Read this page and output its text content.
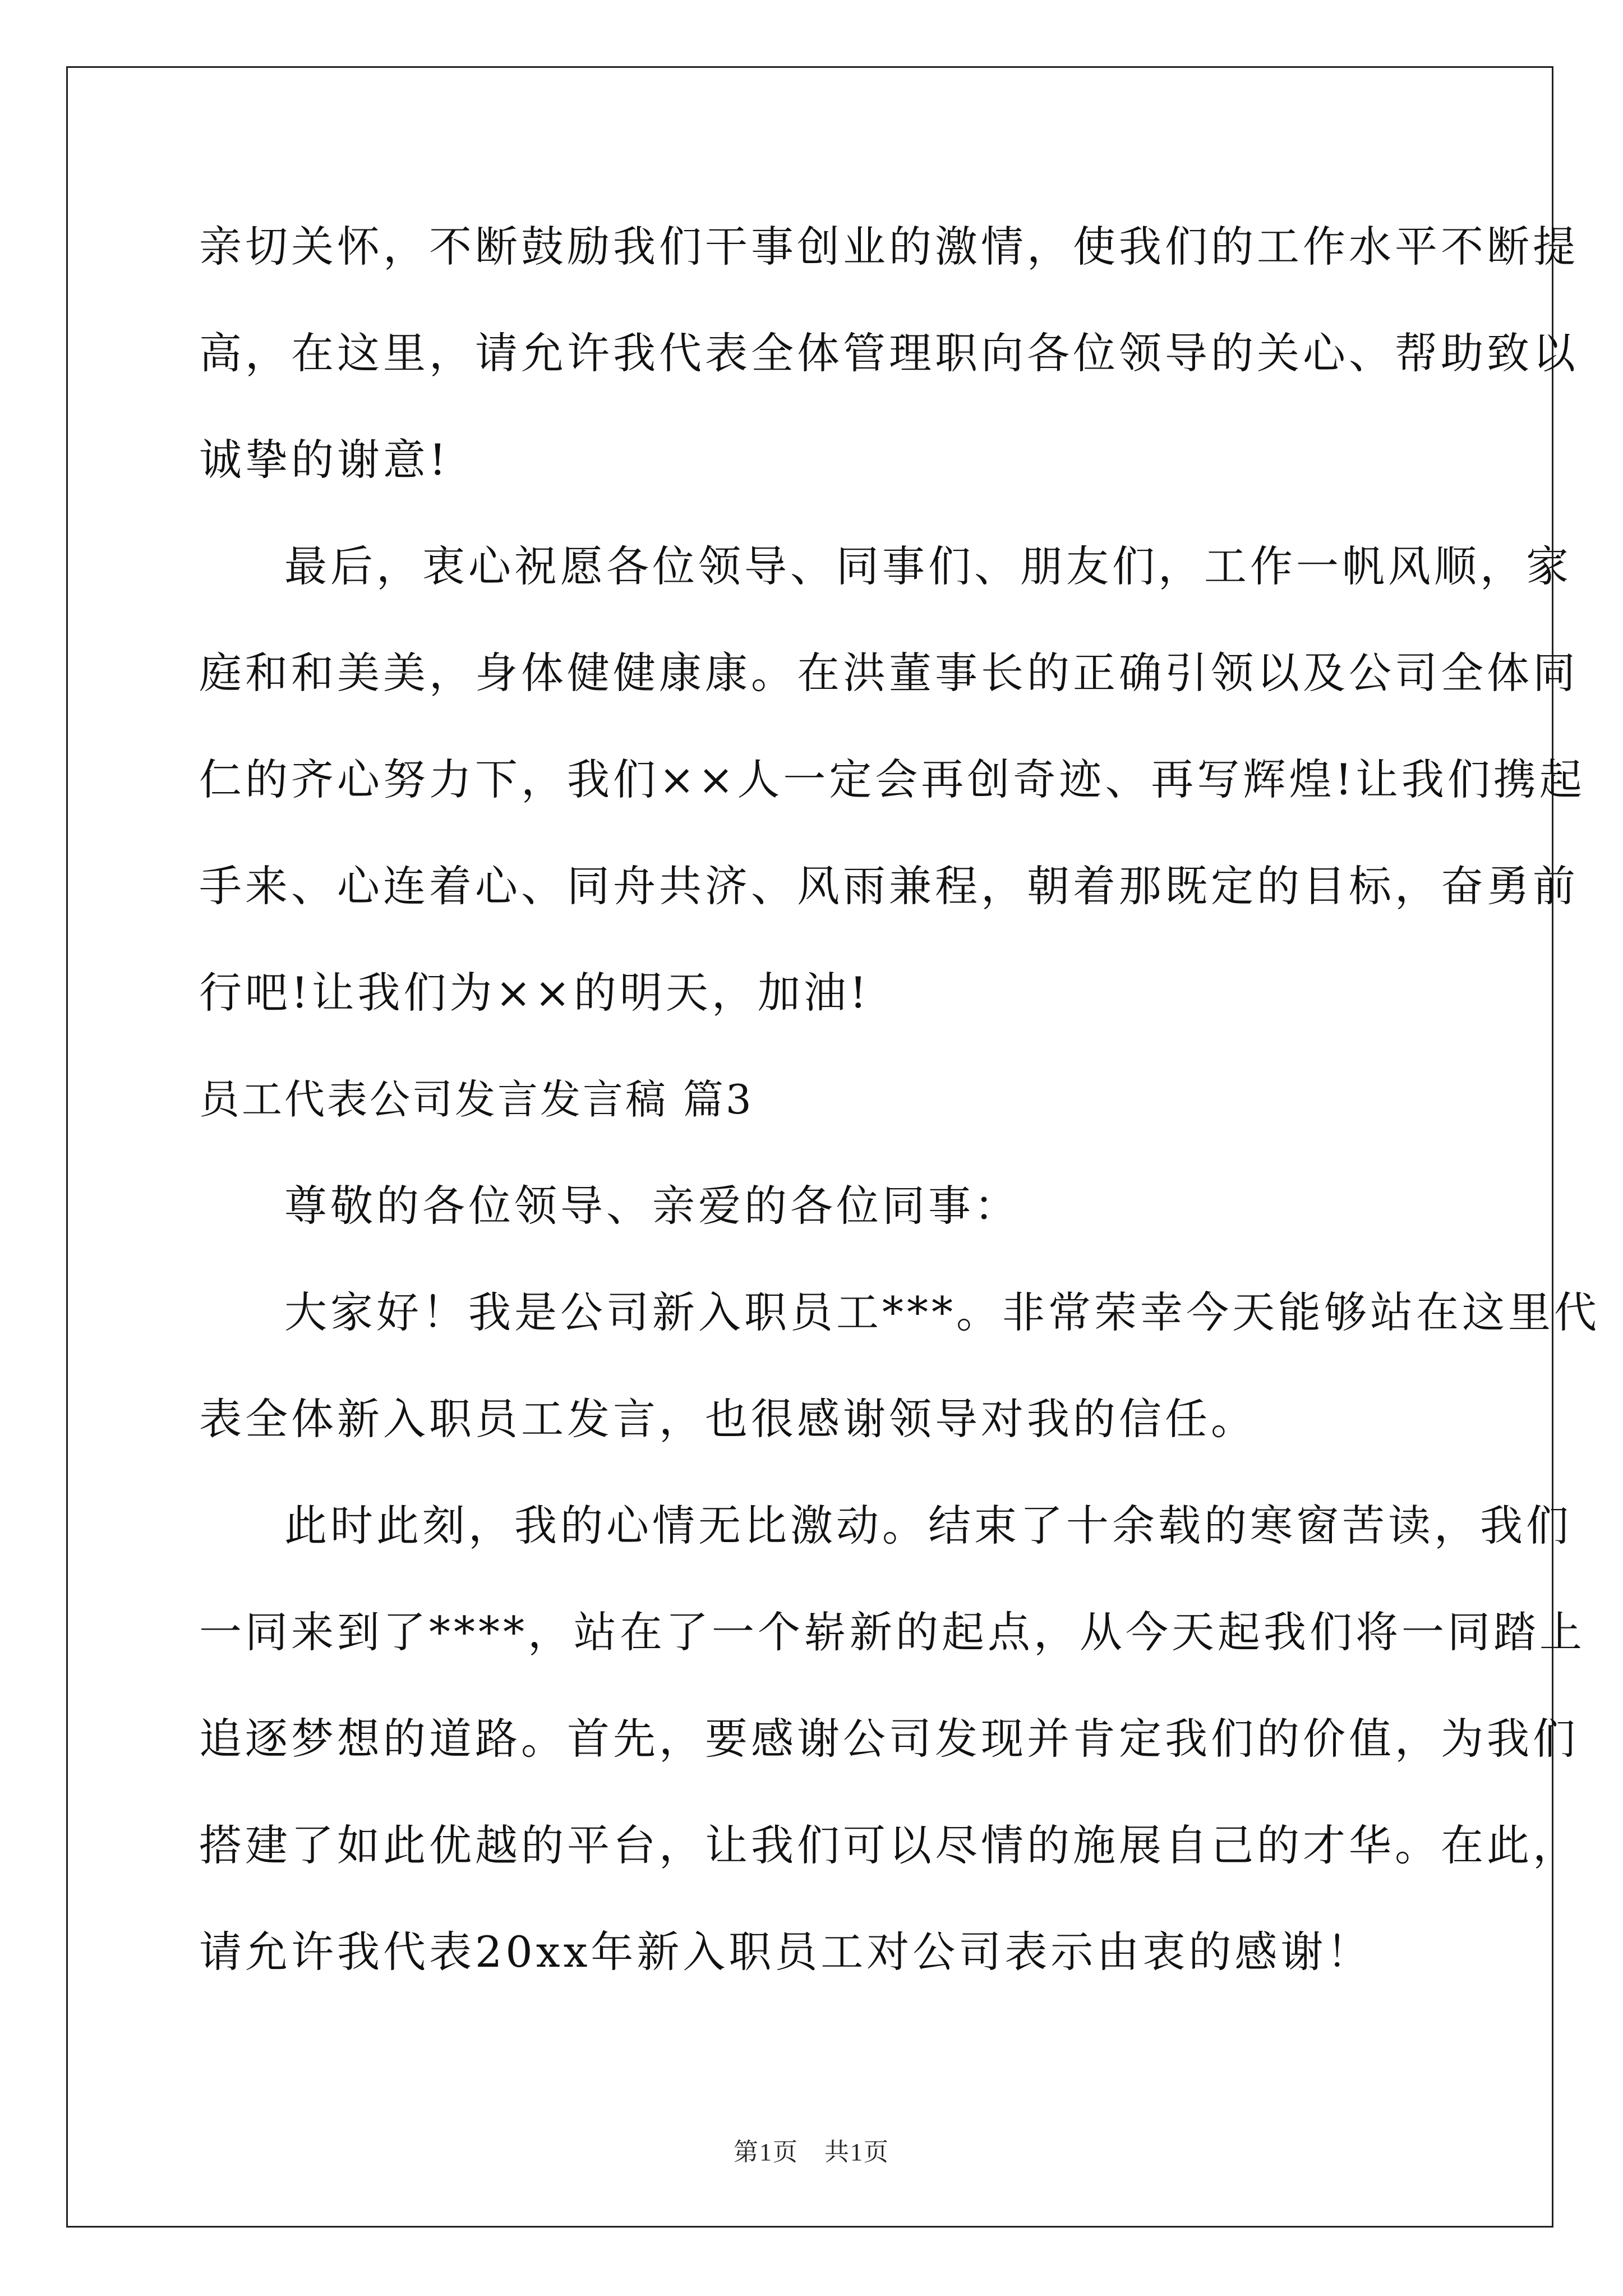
亲切关怀，不断鼓励我们干事创业的激情，使我们的工作水平不断提
高，在这里，请允许我代表全体管理职向各位领导的关心、帮助致以
诚挚的谢意!
最后，衷心祝愿各位领导、同事们、朋友们，工作一帆风顺，家
庭和和美美，身体健健康康。在洪董事长的正确引领以及公司全体同
仁的齐心努力下，我们××人一定会再创奇迹、再写辉煌!让我们携起
手来、心连着心、同舟共济、风雨兼程，朝着那既定的目标，奋勇前
行吧!让我们为××的明天，加油!
员工代表公司发言发言稿 篇3
尊敬的各位领导、亲爱的各位同事：
大家好！我是公司新入职员工***。非常荣幸今天能够站在这里代
表全体新入职员工发言，也很感谢领导对我的信任。
此时此刻，我的心情无比激动。结束了十余载的寒窗苦读，我们
一同来到了****，站在了一个崭新的起点，从今天起我们将一同踏上
追逐梦想的道路。首先，要感谢公司发现并肯定我们的价值，为我们
搭建了如此优越的平台，让我们可以尽情的施展自己的才华。在此，
请允许我代表20xx年新入职员工对公司表示由衷的感谢！
第1页　共1页
